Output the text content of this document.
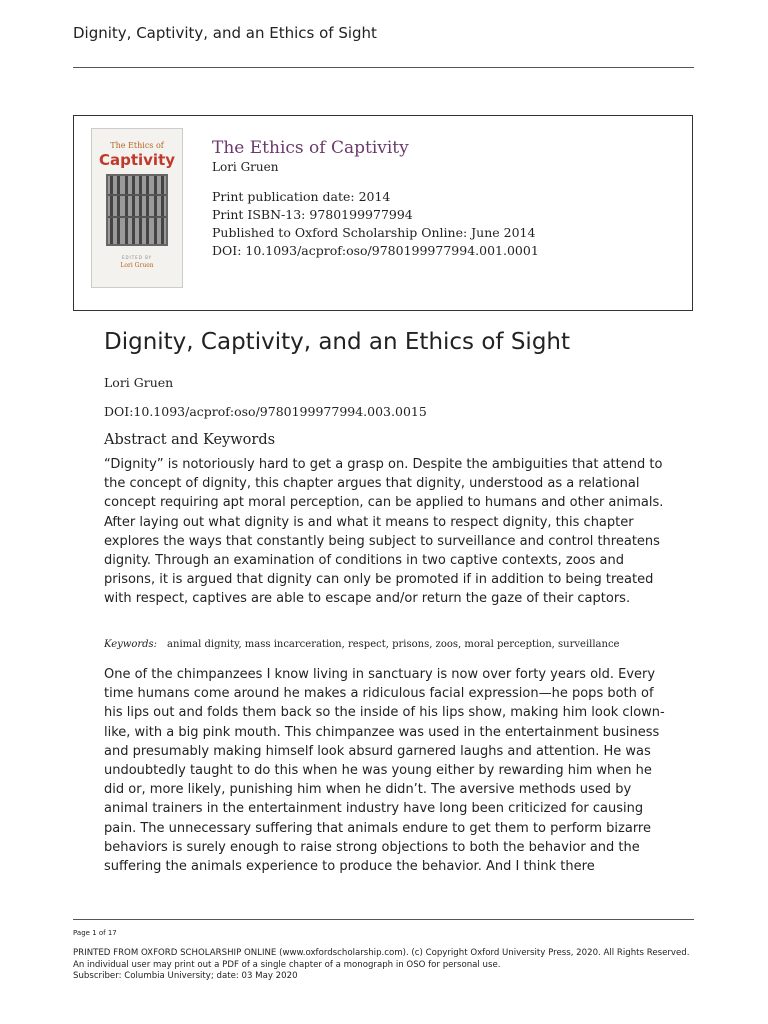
Dignity, Captivity, and an Ethics of Sight
The Ethics of
Captivity
EDITED BY
Lori Gruen
The Ethics of Captivity
Lori Gruen
Print publication date: 2014
Print ISBN-13: 9780199977994
Published to Oxford Scholarship Online: June 2014
DOI: 10.1093/acprof:oso/9780199977994.001.0001
Dignity, Captivity, and an Ethics of Sight
Lori Gruen
DOI:10.1093/acprof:oso/9780199977994.003.0015
Abstract and Keywords
“Dignity” is notoriously hard to get a grasp on. Despite the ambiguities that attend to the concept of dignity, this chapter argues that dignity, understood as a relational concept requiring apt moral perception, can be applied to humans and other animals. After laying out what dignity is and what it means to respect dignity, this chapter explores the ways that constantly being subject to surveillance and control threatens dignity. Through an examination of conditions in two captive contexts, zoos and prisons, it is argued that dignity can only be promoted if in addition to being treated with respect, captives are able to escape and/or return the gaze of their captors.
Keywords: animal dignity, mass incarceration, respect, prisons, zoos, moral perception, surveillance
One of the chimpanzees I know living in sanctuary is now over forty years old. Every time humans come around he makes a ridiculous facial expression—he pops both of his lips out and folds them back so the inside of his lips show, making him look clown-like, with a big pink mouth. This chimpanzee was used in the entertainment business and presumably making himself look absurd garnered laughs and attention. He was undoubtedly taught to do this when he was young either by rewarding him when he did or, more likely, punishing him when he didn’t. The aversive methods used by animal trainers in the entertainment industry have long been criticized for causing pain. The unnecessary suffering that animals endure to get them to perform bizarre behaviors is surely enough to raise strong objections to both the behavior and the suffering the animals experience to produce the behavior. And I think there
Page 1 of 17
PRINTED FROM OXFORD SCHOLARSHIP ONLINE (www.oxfordscholarship.com). (c) Copyright Oxford University Press, 2020. All Rights Reserved. An individual user may print out a PDF of a single chapter of a monograph in OSO for personal use.
Subscriber: Columbia University; date: 03 May 2020
